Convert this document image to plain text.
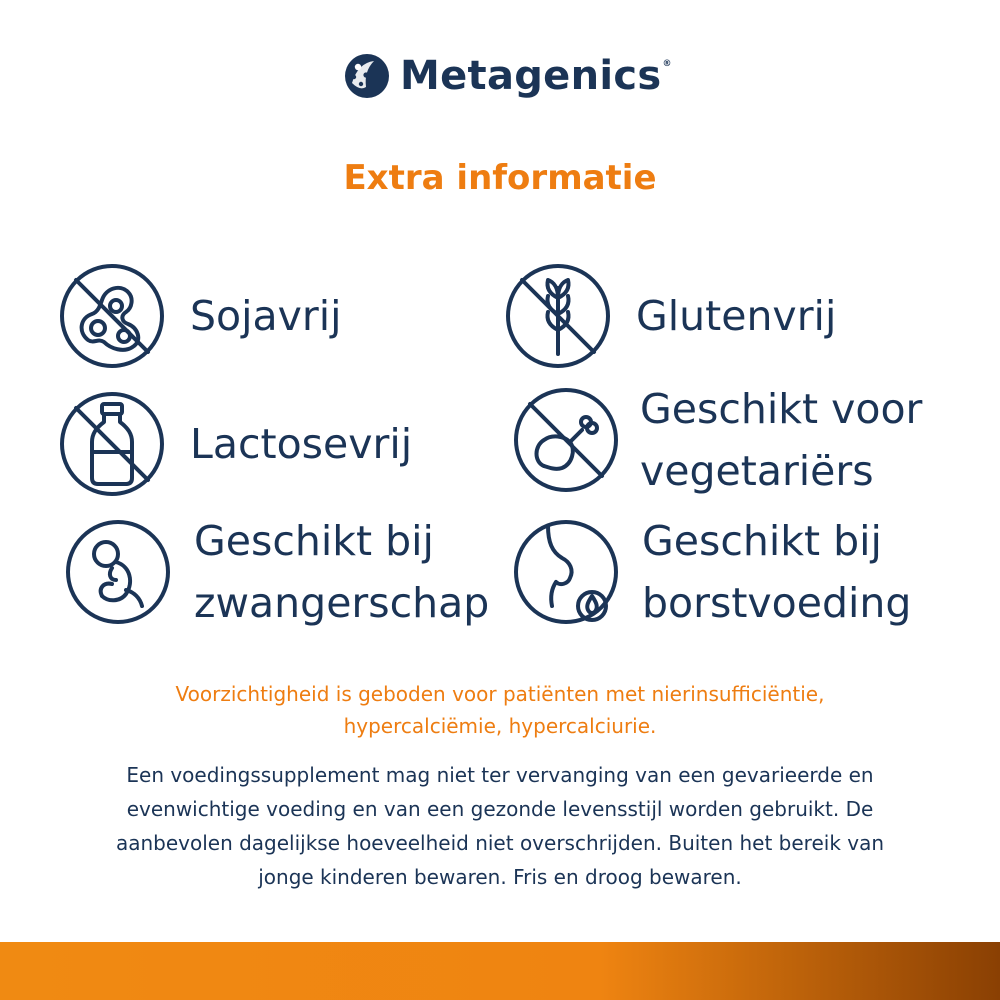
Metagenics ®
Extra informatie
Sojavrij	Glutenvrij
Lactosevrij
Geschikt voor
vegetariërs
Geschikt bij
zwangerschap
Geschikt bij
borstvoeding
Voorzichtigheid is geboden voor patiënten met nierinsufficiëntie,
hypercalciëmie, hypercalciurie.
Een voedingssupplement mag niet ter vervanging van een gevarieerde en
evenwichtige voeding en van een gezonde levensstijl worden gebruikt. De
aanbevolen dagelijkse hoeveelheid niet overschrijden. Buiten het bereik van
jonge kinderen bewaren. Fris en droog bewaren.
